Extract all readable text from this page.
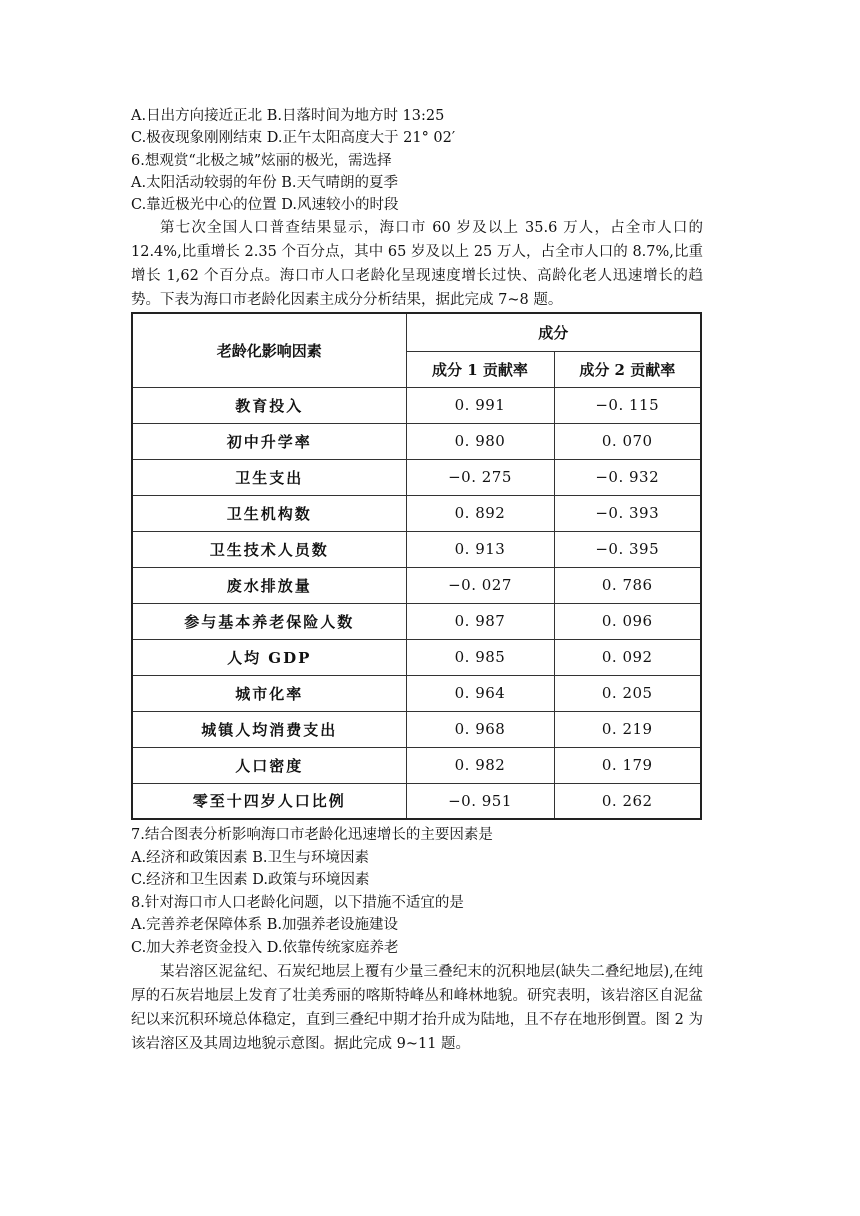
A.日出方向接近正北 B.日落时间为地方时 13:25
C.极夜现象刚刚结束 D.正午太阳高度大于 21° 02′
6.想观赏“北极之城”炫丽的极光，需选择
A.太阳活动较弱的年份 B.天气晴朗的夏季
C.靠近极光中心的位置 D.风速较小的时段
第七次全国人口普查结果显示，海口市 60 岁及以上 35.6 万人，占全市人口的 12.4%,比重增长 2.35 个百分点，其中 65 岁及以上 25 万人，占全市人口的 8.7%,比重增长 1,62 个百分点。海口市人口老龄化呈现速度增长过快、高龄化老人迅速增长的趋势。下表为海口市老龄化因素主成分分析结果，据此完成 7~8 题。
老龄化影响因素	成分	
	成分 1 贡献率	成分 2 贡献率
教育投入	0. 991	−0. 115
初中升学率	0. 980	0. 070
卫生支出	−0. 275	−0. 932
卫生机构数	0. 892	−0. 393
卫生技术人员数	0. 913	−0. 395
废水排放量	−0. 027	0. 786
参与基本养老保险人数	0. 987	0. 096
人均 GDP	0. 985	0. 092
城市化率	0. 964	0. 205
城镇人均消费支出	0. 968	0. 219
人口密度	0. 982	0. 179
零至十四岁人口比例	−0. 951	0. 262
7.结合图表分析影响海口市老龄化迅速增长的主要因素是
A.经济和政策因素 B.卫生与环境因素
C.经济和卫生因素 D.政策与环境因素
8.针对海口市人口老龄化问题，以下措施不适宜的是
A.完善养老保障体系 B.加强养老设施建设
C.加大养老资金投入 D.依靠传统家庭养老
某岩溶区泥盆纪、石炭纪地层上覆有少量三叠纪末的沉积地层(缺失二叠纪地层),在纯厚的石灰岩地层上发育了壮美秀丽的喀斯特峰丛和峰林地貌。研究表明，该岩溶区自泥盆纪以来沉积环境总体稳定，直到三叠纪中期才抬升成为陆地，且不存在地形倒置。图 2 为该岩溶区及其周边地貌示意图。据此完成 9~11 题。
